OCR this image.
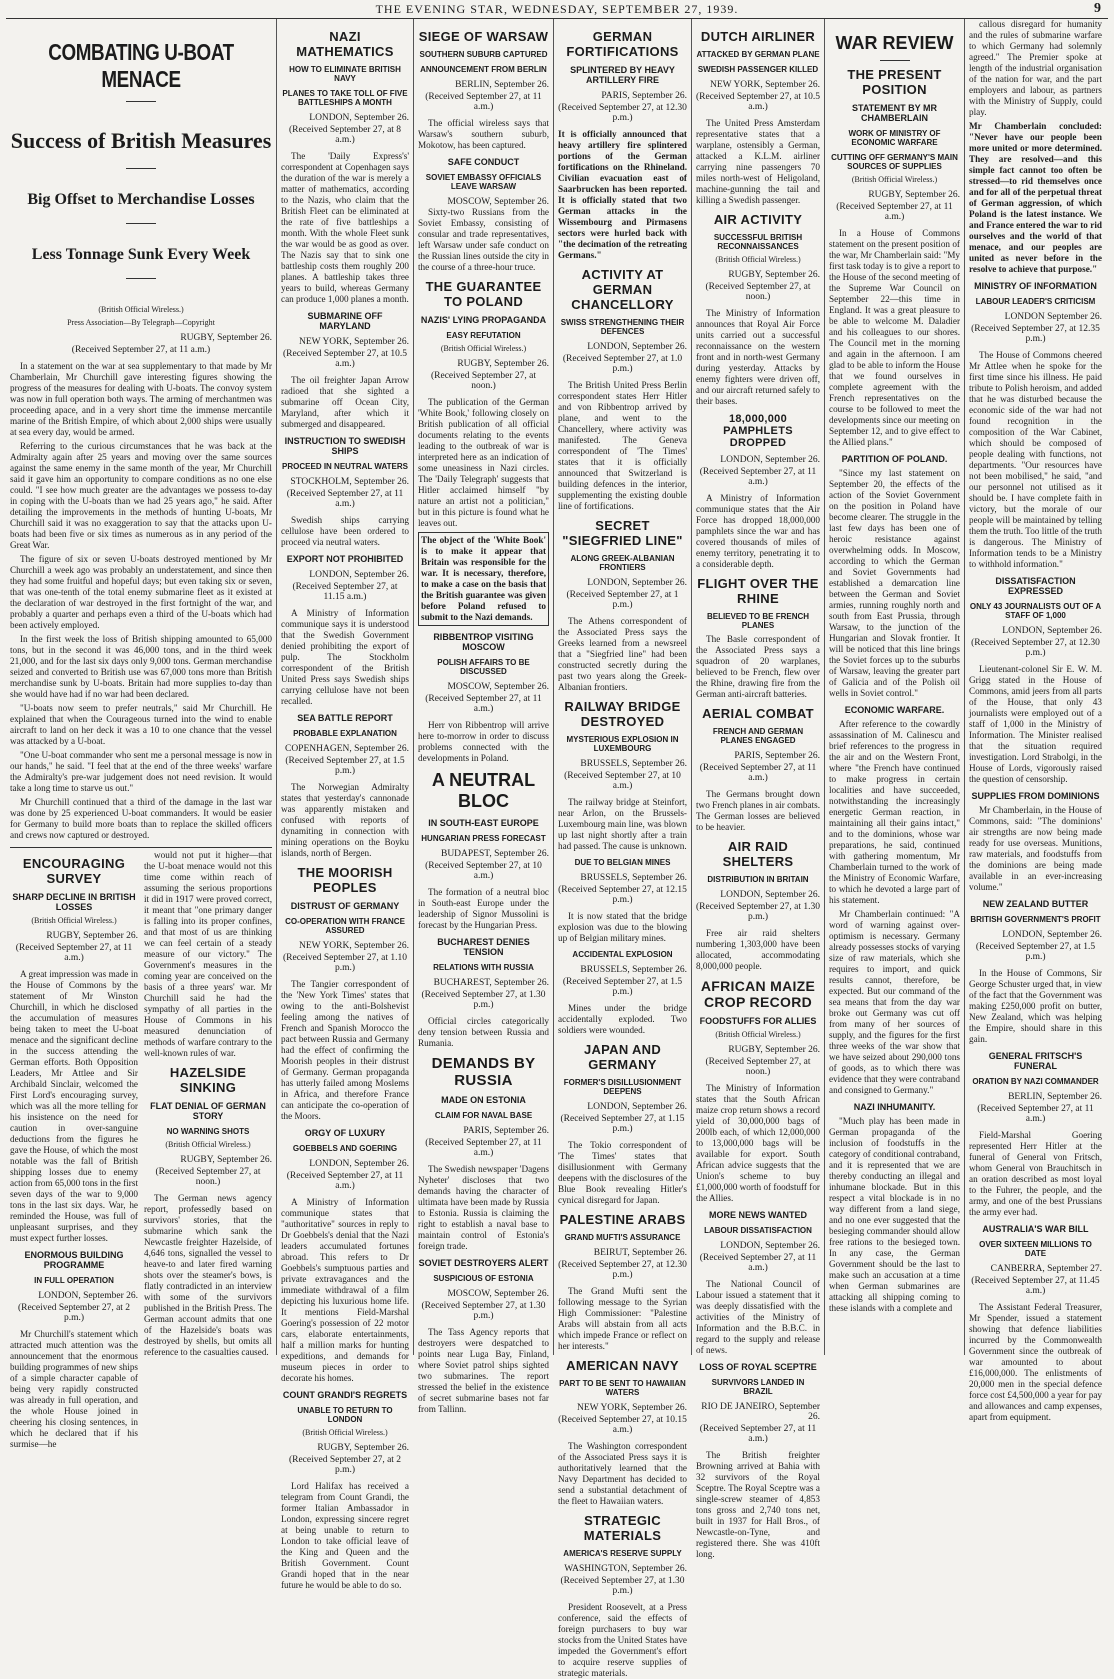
THE EVENING STAR, WEDNESDAY, SEPTEMBER 27, 1939.	9
COMBATING U-BOAT MENACE
Success of British Measures
Big Offset to Merchandise Losses
Less Tonnage Sunk Every Week
(British Official Wireless.)
Press Association—By Telegraph—Copyright
RUGBY, September 26.
(Received September 27, at 11 a.m.)

In a statement on the war at sea supplementary to that made by Mr Chamberlain, Mr Churchill gave interesting figures showing the progress of the measures for dealing with U-boats. The convoy system was now in full operation both ways. The arming of merchantmen was proceeding apace, and in a very short time the immense mercantile marine of the British Empire, of which about 2,000 ships were usually at sea every day, would be armed.

Referring to the curious circumstances that he was back at the Admiralty again after 25 years and moving over the same sources against the same enemy in the same month of the year, Mr Churchill said it gave him an opportunity to compare conditions as no one else could. "I see how much greater are the advantages we possess to-day in coping with the U-boats than we had 25 years ago," he said. After detailing the improvements in the methods of hunting U-boats, Mr Churchill said it was no exaggeration to say that the attacks upon U-boats had been five or six times as numerous as in any period of the Great War.

The figure of six or seven U-boats destroyed mentioned by Mr Churchill a week ago was probably an understatement, and since then they had some fruitful and hopeful days; but even taking six or seven, that was one-tenth of the total enemy submarine fleet as it existed at the declaration of war destroyed in the first fortnight of the war, and probably a quarter and perhaps even a third of the U-boats which had been actively employed.

In the first week the loss of British shipping amounted to 65,000 tons, but in the second it was 46,000 tons, and in the third week 21,000, and for the last six days only 9,000 tons. German merchandise seized and converted to British use was 67,000 tons more than British merchandise sunk by U-boats. Britain had more supplies to-day than she would have had if no war had been declared.

"U-boats now seem to prefer neutrals," said Mr Churchill. He explained that when the Courageous turned into the wind to enable aircraft to land on her deck it was a 10 to one chance that the vessel was attacked by a U-boat.

"One U-boat commander who sent me a personal message is now in our hands," he said. "I feel that at the end of the three weeks' warfare the Admiralty's pre-war judgement does not need revision. It would take a long time to starve us out."

Mr Churchill continued that a third of the damage in the last war was done by 25 experienced U-boat commanders. It would be easier for Germany to build more boats than to replace the skilled officers and crews now captured or destroyed.

ENCOURAGING SURVEY
SHARP DECLINE IN BRITISH LOSSES
(British Official Wireless.)
RUGBY, September 26.
(Received September 27, at 11 a.m.)

A great impression was made in the House of Commons by the statement of Mr Winston Churchill, in which he disclosed the accumulation of measures being taken to meet the U-boat menace and the significant decline in the success attending the German efforts. Both Opposition Leaders, Mr Attlee and Sir Archibald Sinclair, welcomed the First Lord's encouraging survey, which was all the more telling for his insistence on the need for caution in over-sanguine deductions from the figures he gave the House, of which the most notable was the fall of British shipping losses due to enemy action from 65,000 tons in the first seven days of the war to 9,000 tons in the last six days. War, he reminded the House, was full of unpleasant surprises, and they must expect further losses.

ENORMOUS BUILDING PROGRAMME
IN FULL OPERATION
LONDON, September 26.
(Received September 27, at 2 p.m.)

Mr Churchill's statement which attracted much attention was the announcement that the enormous building programmes of new ships of a simple character capable of being very rapidly constructed was already in full operation, and the whole House joined in cheering his closing sentences, in which he declared that if his surmise—he

would not put it higher—that the U-boat menace would not this time come within reach of assuming the serious proportions it did in 1917 were proved correct, it meant that "one primary danger is falling into its proper confines, and that most of us are thinking we can feel certain of a steady measure of our victory." The Government's measures in the coming year are conceived on the basis of a three years' war. Mr Churchill said he had the sympathy of all parties in the House of Commons in his measured denunciation of methods of warfare contrary to the well-known rules of war.

HAZELSIDE SINKING
FLAT DENIAL OF GERMAN STORY
NO WARNING SHOTS
(British Official Wireless.)
RUGBY, September 26.
(Received September 27, at noon.)

The German news agency report, professedly based on survivors' stories, that the submarine which sank the Newcastle freighter Hazelside, of 4,646 tons, signalled the vessel to heave-to and later fired warning shots over the steamer's bows, is flatly contradicted in an interview with some of the survivors published in the British Press. The German account admits that one of the Hazelside's boats was destroyed by shells, but omits all reference to the casualties caused.

NAZI MATHEMATICS
HOW TO ELIMINATE BRITISH NAVY
PLANES TO TAKE TOLL OF FIVE BATTLESHIPS A MONTH
LONDON, September 26.
(Received September 27, at 8 a.m.)

The 'Daily Express's' correspondent at Copenhagen says the duration of the war is merely a matter of mathematics, according to the Nazis, who claim that the British Fleet can be eliminated at the rate of five battleships a month. With the whole Fleet sunk the war would be as good as over. The Nazis say that to sink one battleship costs them roughly 200 planes. A battleship takes three years to build, whereas Germany can produce 1,000 planes a month.

SUBMARINE OFF MARYLAND
NEW YORK, September 26.
(Received September 27, at 10.5 a.m.)

The oil freighter Japan Arrow radioed that she sighted a submarine off Ocean City, Maryland, after which it submerged and disappeared.

INSTRUCTION TO SWEDISH SHIPS
PROCEED IN NEUTRAL WATERS
STOCKHOLM, September 26.
(Received September 27, at 11 a.m.)

Swedish ships carrying cellulose have been ordered to proceed via neutral waters.

EXPORT NOT PROHIBITED
LONDON, September 26.
(Received September 27, at 11.15 a.m.)

A Ministry of Information communique says it is understood that the Swedish Government denied prohibiting the export of pulp. The Stockholm correspondent of the British United Press says Swedish ships carrying cellulose have not been recalled.

SEA BATTLE REPORT
PROBABLE EXPLANATION
COPENHAGEN, September 26.
(Received September 27, at 1.5 p.m.)

The Norwegian Admiralty states that yesterday's cannonade was apparently mistaken and confused with reports of dynamiting in connection with mining operations on the Boyku islands, north of Bergen.

THE MOORISH PEOPLES
DISTRUST OF GERMANY
CO-OPERATION WITH FRANCE ASSURED
NEW YORK, September 26.
(Received September 27, at 1.10 p.m.)

The Tangier correspondent of the 'New York Times' states that owing to the anti-Bolshevist feeling among the natives of French and Spanish Morocco the pact between Russia and Germany had the effect of confirming the Moorish peoples in their distrust of Germany. German propaganda has utterly failed among Moslems in Africa, and therefore France can anticipate the co-operation of the Moors.

ORGY OF LUXURY
GOEBBELS AND GOERING
LONDON, September 26.
(Received September 27, at 11 a.m.)

A Ministry of Information communique states that "authoritative" sources in reply to Dr Goebbels's denial that the Nazi leaders accumulated fortunes abroad. This refers to Dr Goebbels's sumptuous parties and private extravagances and the immediate withdrawal of a film depicting his luxurious home life. It mentions Field-Marshal Goering's possession of 22 motor cars, elaborate entertainments, half a million marks for hunting expeditions, and demands for museum pieces in order to decorate his homes.

COUNT GRANDI'S REGRETS
UNABLE TO RETURN TO LONDON
(British Official Wireless.)
RUGBY, September 26.
(Received September 27, at 2 p.m.)

Lord Halifax has received a telegram from Count Grandi, the former Italian Ambassador in London, expressing sincere regret at being unable to return to London to take official leave of the King and Queen and the British Government. Count Grandi hoped that in the near future he would be able to do so.

SIEGE OF WARSAW
SOUTHERN SUBURB CAPTURED
ANNOUNCEMENT FROM BERLIN
BERLIN, September 26.
(Received September 27, at 11 a.m.)

The official wireless says that Warsaw's southern suburb, Mokotow, has been captured.

SAFE CONDUCT
SOVIET EMBASSY OFFICIALS LEAVE WARSAW
MOSCOW, September 26.

Sixty-two Russians from the Soviet Embassy, consisting of consular and trade representatives, left Warsaw under safe conduct on the Russian lines outside the city in the course of a three-hour truce.

THE GUARANTEE TO POLAND
NAZIS' LYING PROPAGANDA
EASY REFUTATION
(British Official Wireless.)
RUGBY, September 26.
(Received September 27, at noon.)

The publication of the German 'White Book,' following closely on British publication of all official documents relating to the events leading to the outbreak of war is interpreted here as an indication of some uneasiness in Nazi circles. The 'Daily Telegraph' suggests that Hitler acclaimed himself "by nature an artist not a politician," but in this picture is found what he leaves out.

The object of the 'White Book' is to make it appear that Britain was responsible for the war. It is necessary, therefore, to make a case on the basis that the British guarantee was given before Poland refused to submit to the Nazi demands.

RIBBENTROP VISITING MOSCOW
POLISH AFFAIRS TO BE DISCUSSED
MOSCOW, September 26.
(Received September 27, at 11 a.m.)

Herr von Ribbentrop will arrive here to-morrow in order to discuss problems connected with the developments in Poland.

A NEUTRAL BLOC
IN SOUTH-EAST EUROPE
HUNGARIAN PRESS FORECAST
BUDAPEST, September 26.
(Received September 27, at 10 a.m.)

The formation of a neutral bloc in South-east Europe under the leadership of Signor Mussolini is forecast by the Hungarian Press.

BUCHAREST DENIES TENSION
RELATIONS WITH RUSSIA
BUCHAREST, September 26.
(Received September 27, at 1.30 p.m.)

Official circles categorically deny tension between Russia and Rumania.

DEMANDS BY RUSSIA
MADE ON ESTONIA
CLAIM FOR NAVAL BASE
PARIS, September 26.
(Received September 27, at 11 a.m.)

The Swedish newspaper 'Dagens Nyheter' discloses that two demands having the character of ultimata have been made by Russia to Estonia. Russia is claiming the right to establish a naval base to maintain control of Estonia's foreign trade.

SOVIET DESTROYERS ALERT
SUSPICIOUS OF ESTONIA
MOSCOW, September 26.
(Received September 27, at 1.30 p.m.)

The Tass Agency reports that destroyers were despatched to points near Luga Bay, Finland, where Soviet patrol ships sighted two submarines. The report stressed the belief in the existence of secret submarine bases not far from Tallinn.

GERMAN FORTIFICATIONS
SPLINTERED BY HEAVY ARTILLERY FIRE
PARIS, September 26.
(Received September 27, at 12.30 p.m.)

It is officially announced that heavy artillery fire splintered portions of the German fortifications on the Rhineland. Civilian evacuation east of Saarbrucken has been reported. It is officially stated that two German attacks in the Wissembourg and Pirmasens sectors were hurled back with "the decimation of the retreating Germans."

ACTIVITY AT GERMAN CHANCELLORY
SWISS STRENGTHENING THEIR DEFENCES
LONDON, September 26.
(Received September 27, at 1.0 p.m.)

The British United Press Berlin correspondent states Herr Hitler and von Ribbentrop arrived by plane, and went to the Chancellery, where activity was manifested. The Geneva correspondent of 'The Times' states that it is officially announced that Switzerland is building defences in the interior, supplementing the existing double line of fortifications.

SECRET "SIEGFRIED LINE"
ALONG GREEK-ALBANIAN FRONTIERS
LONDON, September 26.
(Received September 27, at 1 p.m.)

The Athens correspondent of the Associated Press says the Greeks learned from a newsreel that a "Siegfried line" had been constructed secretly during the past two years along the Greek-Albanian frontiers.

RAILWAY BRIDGE DESTROYED
MYSTERIOUS EXPLOSION IN LUXEMBOURG
BRUSSELS, September 26.
(Received September 27, at 10 a.m.)

The railway bridge at Steinfort, near Arlon, on the Brussels-Luxembourg main line, was blown up last night shortly after a train had passed. The cause is unknown.

DUE TO BELGIAN MINES
BRUSSELS, September 26.
(Received September 27, at 12.15 p.m.)

It is now stated that the bridge explosion was due to the blowing up of Belgian military mines.

ACCIDENTAL EXPLOSION
BRUSSELS, September 26.
(Received September 27, at 1.5 p.m.)

Mines under the bridge accidentally exploded. Two soldiers were wounded.

JAPAN AND GERMANY
FORMER'S DISILLUSIONMENT DEEPENS
LONDON, September 26.
(Received September 27, at 1.15 p.m.)

The Tokio correspondent of 'The Times' states that disillusionment with Germany deepens with the disclosures of the Blue Book revealing Hitler's cynical disregard for Japan.

PALESTINE ARABS
GRAND MUFTI'S ASSURANCE
BEIRUT, September 26.
(Received September 27, at 12.30 p.m.)

The Grand Mufti sent the following message to the Syrian High Commissioner: "Palestine Arabs will abstain from all acts which impede France or reflect on her interests."

AMERICAN NAVY
PART TO BE SENT TO HAWAIIAN WATERS
NEW YORK, September 26.
(Received September 27, at 10.15 a.m.)

The Washington correspondent of the Associated Press says it is authoritatively learned that the Navy Department has decided to send a substantial detachment of the fleet to Hawaiian waters.

STRATEGIC MATERIALS
AMERICA'S RESERVE SUPPLY
WASHINGTON, September 26.
(Received September 27, at 1.30 p.m.)

President Roosevelt, at a Press conference, said the effects of foreign purchasers to buy war stocks from the United States have impeded the Government's effort to acquire reserve supplies of strategic materials.

DUTCH AIRLINER
ATTACKED BY GERMAN PLANE
SWEDISH PASSENGER KILLED
NEW YORK, September 26.
(Received September 27, at 10.5 a.m.)

The United Press Amsterdam representative states that a warplane, ostensibly a German, attacked a K.L.M. airliner carrying nine passengers 70 miles north-west of Heligoland, machine-gunning the tail and killing a Swedish passenger.

AIR ACTIVITY
SUCCESSFUL BRITISH RECONNAISSANCES
(British Official Wireless.)
RUGBY, September 26.
(Received September 27, at noon.)

The Ministry of Information announces that Royal Air Force units carried out a successful reconnaissance on the western front and in north-west Germany during yesterday. Attacks by enemy fighters were driven off, and our aircraft returned safely to their bases.

18,000,000 PAMPHLETS DROPPED
LONDON, September 26.
(Received September 27, at 11 a.m.)

A Ministry of Information communique states that the Air Force has dropped 18,000,000 pamphlets since the war and has covered thousands of miles of enemy territory, penetrating it to a considerable depth.

FLIGHT OVER THE RHINE
BELIEVED TO BE FRENCH PLANES

The Basle correspondent of the Associated Press says a squadron of 20 warplanes, believed to be French, flew over the Rhine, drawing fire from the German anti-aircraft batteries.

AERIAL COMBAT
FRENCH AND GERMAN PLANES ENGAGED
PARIS, September 26.
(Received September 27, at 11 a.m.)

The Germans brought down two French planes in air combats. The German losses are believed to be heavier.

AIR RAID SHELTERS
DISTRIBUTION IN BRITAIN
LONDON, September 26.
(Received September 27, at 1.30 p.m.)

Free air raid shelters numbering 1,303,000 have been allocated, accommodating 8,000,000 people.

AFRICAN MAIZE CROP RECORD
FOODSTUFFS FOR ALLIES
(British Official Wireless.)
RUGBY, September 26.
(Received September 27, at noon.)

The Ministry of Information states that the South African maize crop return shows a record yield of 30,000,000 bags of 200lb each, of which 12,000,000 to 13,000,000 bags will be available for export. South African advice suggests that the Union's scheme to buy £1,000,000 worth of foodstuff for the Allies.

MORE NEWS WANTED
LABOUR DISSATISFACTION
LONDON, September 26.
(Received September 27, at 11 a.m.)

The National Council of Labour issued a statement that it was deeply dissatisfied with the activities of the Ministry of Information and the B.B.C. in regard to the supply and release of news.

LOSS OF ROYAL SCEPTRE
SURVIVORS LANDED IN BRAZIL
RIO DE JANEIRO, September 26.
(Received September 27, at 11 a.m.)

The British freighter Browning arrived at Bahia with 32 survivors of the Royal Sceptre. The Royal Sceptre was a single-screw steamer of 4,853 tons gross and 2,740 tons net, built in 1937 for Hall Bros., of Newcastle-on-Tyne, and registered there. She was 410ft long.

WAR REVIEW
THE PRESENT POSITION
STATEMENT BY MR CHAMBERLAIN
WORK OF MINISTRY OF ECONOMIC WARFARE
CUTTING OFF GERMANY'S MAIN SOURCES OF SUPPLIES
(British Official Wireless.)
RUGBY, September 26.
(Received September 27, at 11 a.m.)

In a House of Commons statement on the present position of the war, Mr Chamberlain said: "My first task today is to give a report to the House of the second meeting of the Supreme War Council on September 22—this time in England. It was a great pleasure to be able to welcome M. Daladier and his colleagues to our shores. The Council met in the morning and again in the afternoon. I am glad to be able to inform the House that we found ourselves in complete agreement with the French representatives on the course to be followed to meet the developments since our meeting on September 12, and to give effect to the Allied plans."

PARTITION OF POLAND.

"Since my last statement on September 20, the effects of the action of the Soviet Government on the position in Poland have become clearer. The struggle in the last few days has been one of heroic resistance against overwhelming odds. In Moscow, according to which the German and Soviet Governments had established a demarcation line between the German and Soviet armies, running roughly north and south from East Prussia, through Warsaw, to the junction of the Hungarian and Slovak frontier. It will be noticed that this line brings the Soviet forces up to the suburbs of Warsaw, leaving the greater part of Galicia and of the Polish oil wells in Soviet control."

ECONOMIC WARFARE.

After reference to the cowardly assassination of M. Calinescu and brief references to the progress in the air and on the Western Front, where "the French have continued to make progress in certain localities and have succeeded, notwithstanding the increasingly energetic German reaction, in maintaining all their gains intact," and to the dominions, whose war preparations, he said, continued with gathering momentum, Mr Chamberlain turned to the work of the Ministry of Economic Warfare, to which he devoted a large part of his statement.

Mr Chamberlain continued: "A word of warning against over-optimism is necessary. Germany already possesses stocks of varying size of raw materials, which she requires to import, and quick results cannot, therefore, be expected. But our command of the sea means that from the day war broke out Germany was cut off from many of her sources of supply, and the figures for the first three weeks of the war show that we have seized about 290,000 tons of goods, as to which there was evidence that they were contraband and consigned to Germany."

NAZI INHUMANITY.

"Much play has been made in German propaganda of the inclusion of foodstuffs in the category of conditional contraband, and it is represented that we are thereby conducting an illegal and inhumane blockade. But in this respect a vital blockade is in no way different from a land siege, and no one ever suggested that the besieging commander should allow free rations to the besieged town. In any case, the German Government should be the last to make such an accusation at a time when German submarines are attacking all shipping coming to these islands with a complete and

callous disregard for humanity and the rules of submarine warfare to which Germany had solemnly agreed." The Premier spoke at length of the industrial organisation of the nation for war, and the part employers and labour, as partners with the Ministry of Supply, could play.

Mr Chamberlain concluded: "Never have our people been more united or more determined. They are resolved—and this simple fact cannot too often be stressed—to rid themselves once and for all of the perpetual threat of German aggression, of which Poland is the latest instance. We and France entered the war to rid ourselves and the world of that menace, and our peoples are united as never before in the resolve to achieve that purpose."

MINISTRY OF INFORMATION
LABOUR LEADER'S CRITICISM
LONDON September 26.
(Received September 27, at 12.35 p.m.)

The House of Commons cheered Mr Attlee when he spoke for the first time since his illness. He paid tribute to Polish heroism, and added that he was disturbed because the economic side of the war had not found recognition in the composition of the War Cabinet, which should be composed of people dealing with functions, not departments. "Our resources have not been mobilised," he said, "and our personnel not utilised as it should be. I have complete faith in victory, but the morale of our people will be maintained by telling them the truth. Too little of the truth is dangerous. The Ministry of Information tends to be a Ministry to withhold information."

DISSATISFACTION EXPRESSED
ONLY 43 JOURNALISTS OUT OF A STAFF OF 1,000
LONDON, September 26.
(Received September 27, at 12.30 p.m.)

Lieutenant-colonel Sir E. W. M. Grigg stated in the House of Commons, amid jeers from all parts of the House, that only 43 journalists were employed out of a staff of 1,000 in the Ministry of Information. The Minister realised that the situation required investigation. Lord Strabolgi, in the House of Lords, vigorously raised the question of censorship.

SUPPLIES FROM DOMINIONS

Mr Chamberlain, in the House of Commons, said: "The dominions' air strengths are now being made ready for use overseas. Munitions, raw materials, and foodstuffs from the dominions are being made available in an ever-increasing volume."

NEW ZEALAND BUTTER
BRITISH GOVERNMENT'S PROFIT
LONDON, September 26.
(Received September 27, at 1.5 p.m.)

In the House of Commons, Sir George Schuster urged that, in view of the fact that the Government was making £250,000 profit on butter, New Zealand, which was helping the Empire, should share in this gain.

GENERAL FRITSCH'S FUNERAL
ORATION BY NAZI COMMANDER
BERLIN, September 26.
(Received September 27, at 11 a.m.)

Field-Marshal Goering represented Herr Hitler at the funeral of General von Fritsch, whom General von Brauchitsch in an oration described as most loyal to the Fuhrer, the people, and the army, and one of the best Prussians the army ever had.

AUSTRALIA'S WAR BILL
OVER SIXTEEN MILLIONS TO DATE
CANBERRA, September 27.
(Received September 27, at 11.45 a.m.)

The Assistant Federal Treasurer, Mr Spender, issued a statement showing that defence liabilities incurred by the Commonwealth Government since the outbreak of war amounted to about £16,000,000. The enlistments of 20,000 men in the special defence force cost £4,500,000 a year for pay and allowances and camp expenses, apart from equipment.
